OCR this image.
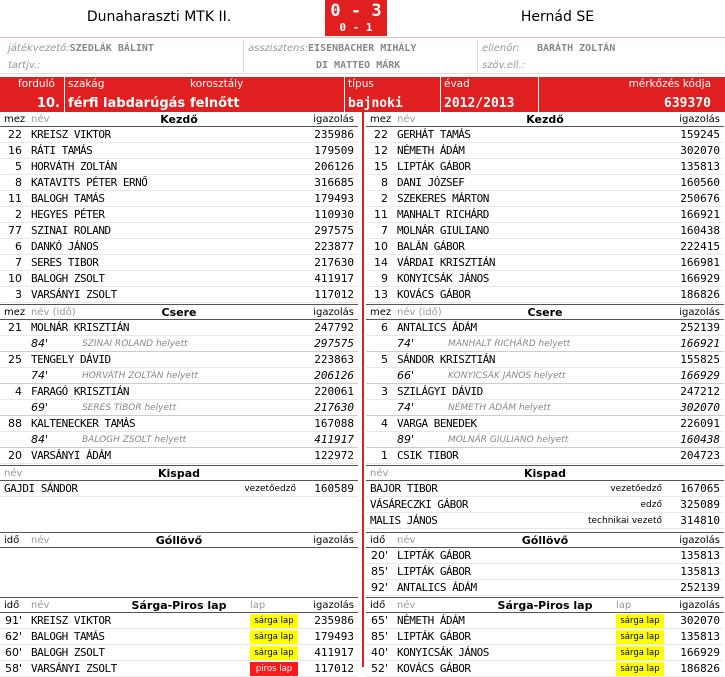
Dunaharaszti MTK II.	0 - 3
0 - 1
Hernád SE
játékvezető:SZEDLÁK BÁLINT
tartjv.:
asszisztens:EISENBACHER MIHÁLY
DI MATTEO MÁRK
ellenőr: BARÁTH ZOLTÁN
szöv.ell.:
forduló
10.
szakág
férfi labdarúgás
korosztály
felnőtt
típus
bajnoki
évad
2012/2013
mérkőzés kódja
639370
mez név	Kezdő	igazolás
22 KREISZ VIKTOR	235986
16 RÁTI TAMÁS	179509
5 HORVÁTH ZOLTÁN	206126
8 KATAVITS PÉTER ERNŐ	316685
11 BALOGH TAMÁS	179493
2 HEGYES PÉTER	110930
77 SZINAI ROLAND	297575
6 DANKÓ JÁNOS	223877
7 SERES TIBOR	217630
10 BALOGH ZSOLT	411917
3 VARSÁNYI ZSOLT	117012
mez név (idő)	Csere	igazolás
21 MOLNÁR KRISZTIÁN	247792
84'	SZINAI ROLAND helyett	297575
25 TENGELY DÁVID	223863
74'	HORVÁTH ZOLTÁN helyett	206126
4 FARAGÓ KRISZTIÁN	220061
69'	SERES TIBOR helyett	217630
88 KALTENECKER TAMÁS	167088
84'	BALOGH ZSOLT helyett	411917
20 VARSÁNYI ÁDÁM	122972
név	Kispad
GAJDI SÁNDOR	vezetőedző 160589
idő név	Góllövő	igazolás
idő név	Sárga-Piros lap	lap	igazolás
91' KREISZ VIKTOR	sárga lap	235986
62' BALOGH TAMÁS	sárga lap	179493
60' BALOGH ZSOLT	sárga lap	411917
58' VARSÁNYI ZSOLT	piros lap	117012
mez név	Kezdő	igazolás
22 GERHÁT TAMÁS	159245
12 NÉMETH ÁDÁM	302070
15 LIPTÁK GÁBOR	135813
8 DANI JÓZSEF	160560
2 SZEKERES MÁRTON	250676
11 MANHALT RICHÁRD	166921
7 MOLNÁR GIULIANO	160438
10 BALÁN GÁBOR	222415
14 VÁRDAI KRISZTIÁN	166981
9 KONYICSÁK JÁNOS	166929
13 KOVÁCS GÁBOR	186826
mez név (idő)	Csere	igazolás
6 ANTALICS ÁDÁM	252139
74'	MANHALT RICHÁRD helyett	166921
5 SÁNDOR KRISZTIÁN	155825
66'	KONYICSÁK JÁNOS helyett	166929
3 SZILÁGYI DÁVID	247212
74'	NÉMETH ÁDÁM helyett	302070
4 VARGA BENEDEK	226091
89'	MOLNÁR GIULIANO helyett	160438
1 CSIK TIBOR	204723
név	Kispad
BAJOR TIBOR	vezetőedző 167065
VÁSÁRECZKI GÁBOR	edző 325089
MALIS JÁNOS	technikai vezető 314810
idő név	Góllövő	igazolás
20' LIPTÁK GÁBOR	135813
85' LIPTÁK GÁBOR	135813
92' ANTALICS ÁDÁM	252139
idő név	Sárga-Piros lap	lap	igazolás
65' NÉMETH ÁDÁM	sárga lap	302070
85' LIPTÁK GÁBOR	sárga lap	135813
40' KONYICSÁK JÁNOS	sárga lap	166929
52' KOVÁCS GÁBOR	sárga lap	186826
